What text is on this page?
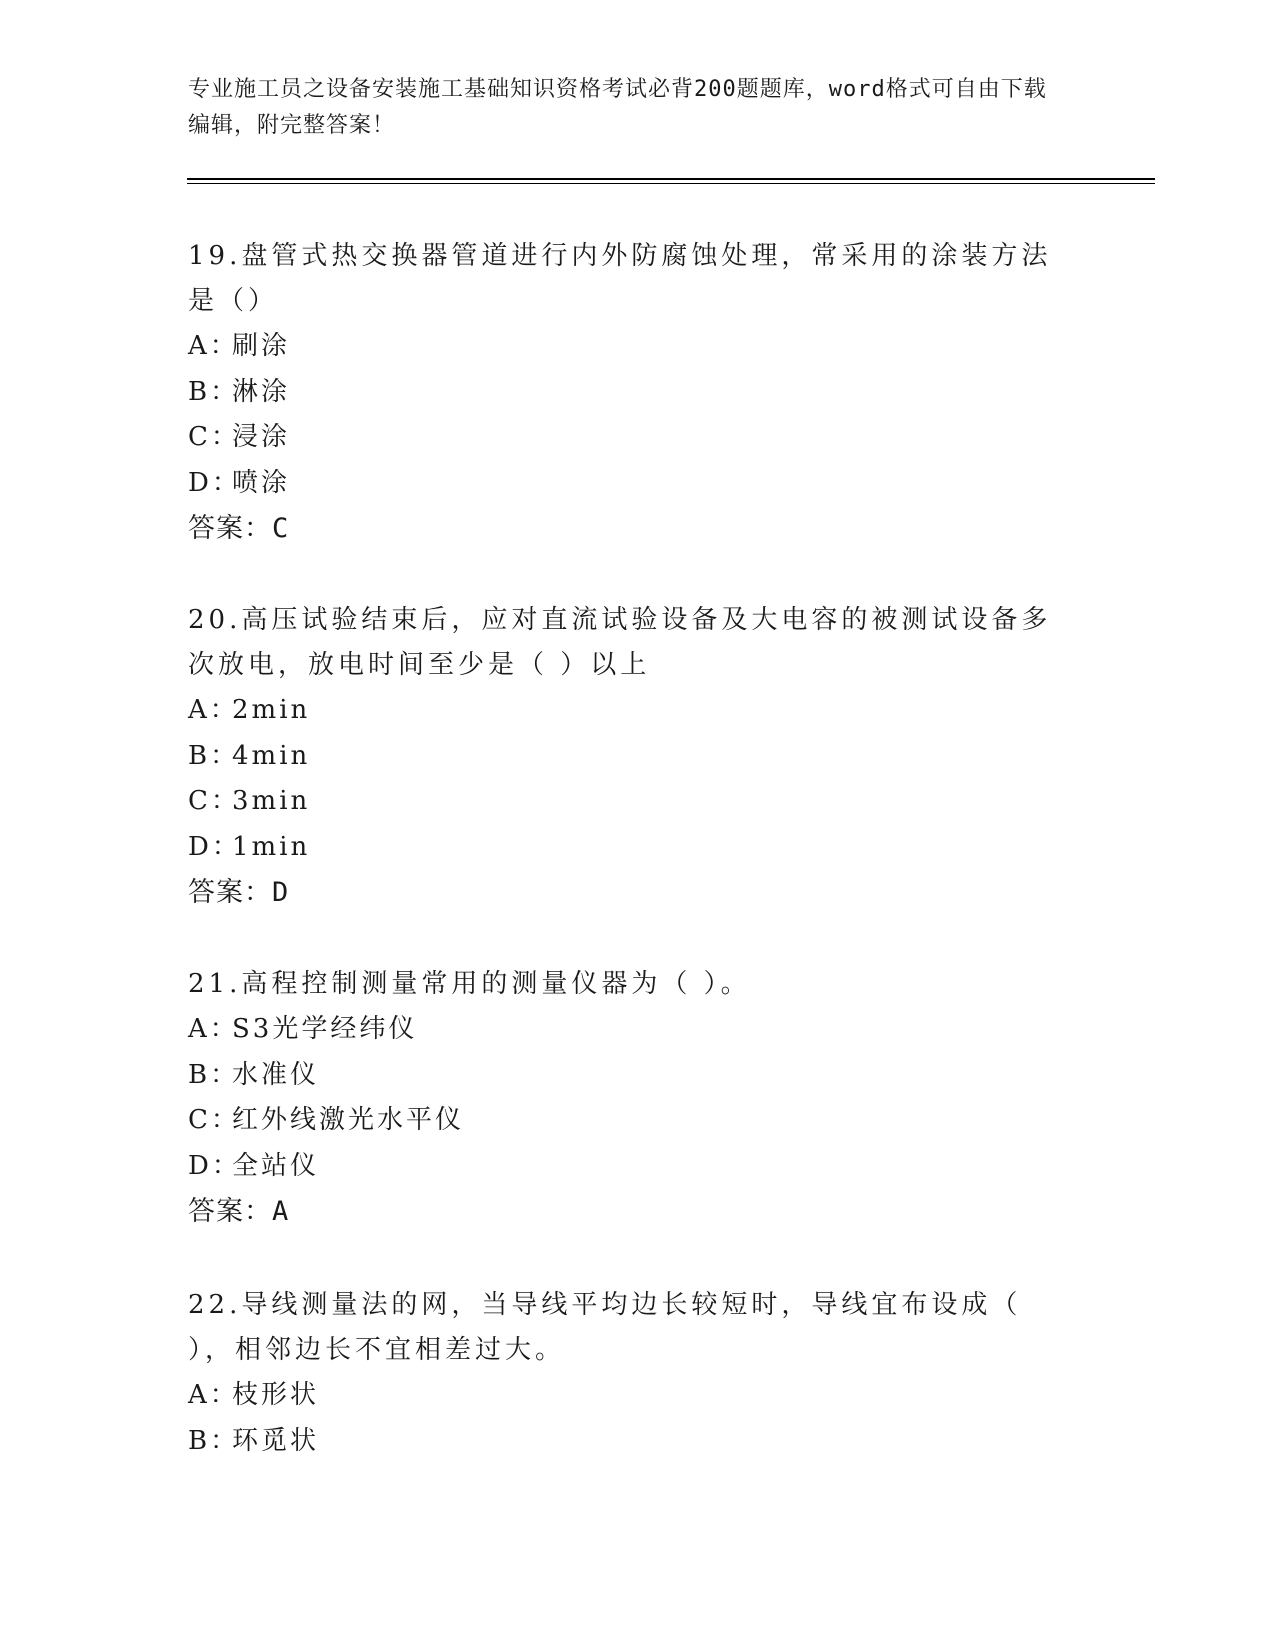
专业施工员之设备安装施工基础知识资格考试必背200题题库，word格式可自由下载编辑，附完整答案！

19.盘管式热交换器管道进行内外防腐蚀处理，常采用的涂装方法是（）

A：刷涂

B：淋涂

C：浸涂

D：喷涂

答案：C

20.高压试验结束后，应对直流试验设备及大电容的被测试设备多次放电，放电时间至少是（ ）以上

A：2min

B：4min

C：3min

D：1min

答案：D

21.高程控制测量常用的测量仪器为（ ）。

A：S3光学经纬仪

B：水准仪

C：红外线激光水平仪

D：全站仪

答案：A

22.导线测量法的网，当导线平均边长较短时，导线宜布设成（ ），相邻边长不宜相差过大。

A：枝形状

B：环觅状
